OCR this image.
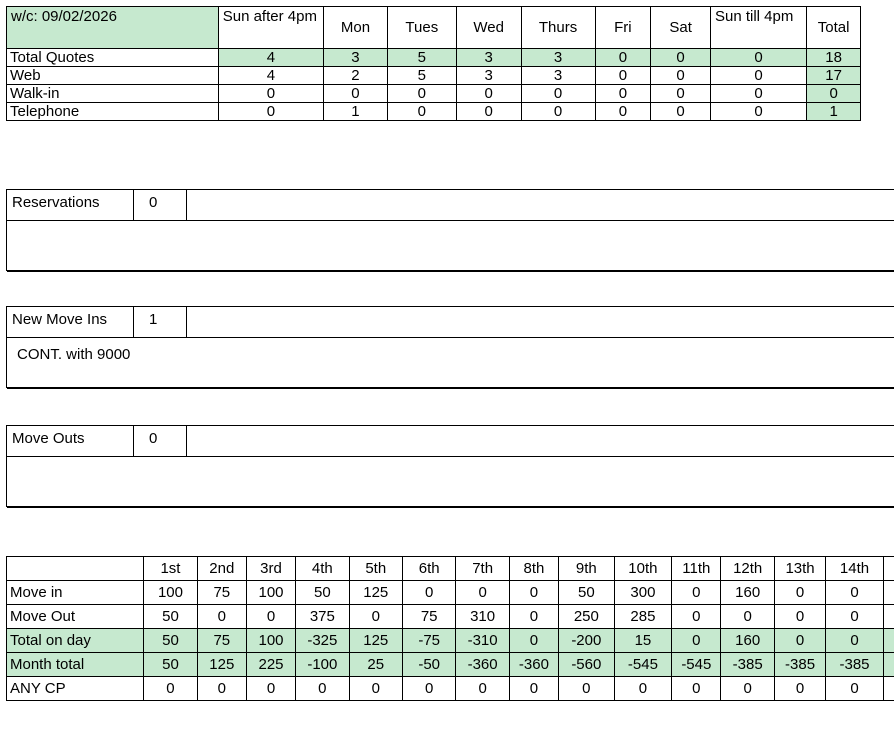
w/c: 09/02/2026	Sun after 4pm	Mon	Tues	Wed	Thurs	Fri	Sat	Sun till 4pm	Total
Total Quotes	4	3	5	3	3	0	0	0	18
Web	4	2	5	3	3	0	0	0	17
Walk-in	0	0	0	0	0	0	0	0	0
Telephone	0	1	0	0	0	0	0	0	1
Reservations	0
New Move Ins	1
CONT. with 9000
Move Outs	0
	1st	2nd	3rd	4th	5th	6th	7th	8th	9th	10th	11th	12th	13th	14th	
Move in	100	75	100	50	125	0	0	0	50	300	0	160	0	0	
Move Out	50	0	0	375	0	75	310	0	250	285	0	0	0	0	
Total on day	50	75	100	-325	125	-75	-310	0	-200	15	0	160	0	0	
Month total	50	125	225	-100	25	-50	-360	-360	-560	-545	-545	-385	-385	-385	
ANY CP	0	0	0	0	0	0	0	0	0	0	0	0	0	0	
